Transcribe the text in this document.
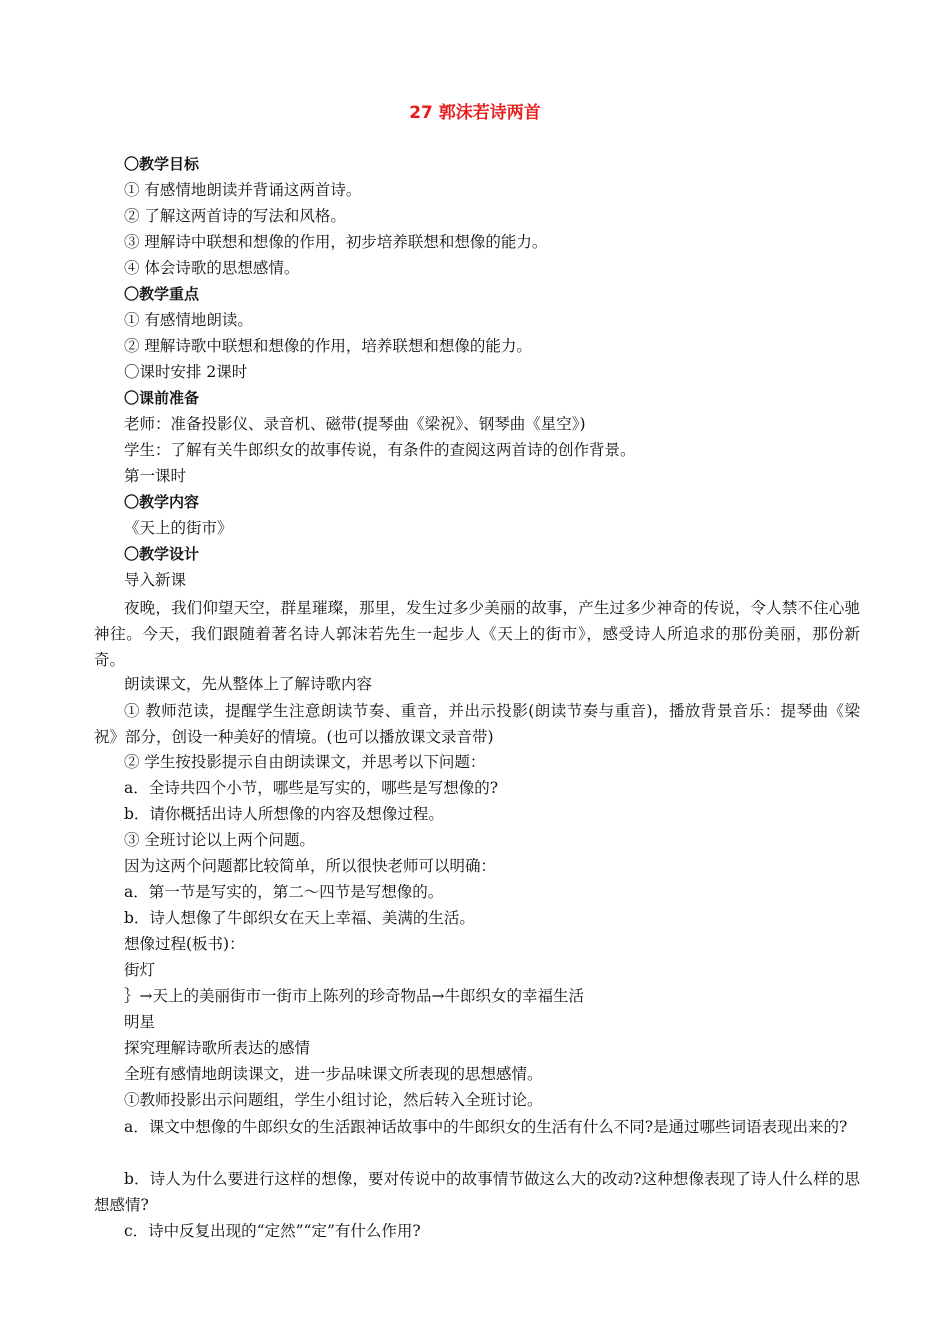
27 郭沫若诗两首
〇教学目标
① 有感情地朗读并背诵这两首诗。
② 了解这两首诗的写法和风格。
③ 理解诗中联想和想像的作用，初步培养联想和想像的能力。
④ 体会诗歌的思想感情。
〇教学重点
① 有感情地朗读。
② 理解诗歌中联想和想像的作用，培养联想和想像的能力。
〇课时安排 2课时
〇课前准备
老师：准备投影仪、录音机、磁带(提琴曲《梁祝》、钢琴曲《星空》)
学生：了解有关牛郎织女的故事传说，有条件的查阅这两首诗的创作背景。
第一课时
〇教学内容
《天上的街市》
〇教学设计
导入新课
夜晚，我们仰望天空，群星璀璨，那里，发生过多少美丽的故事，产生过多少神奇的传说，令人禁不住心驰神往。今天，我们跟随着著名诗人郭沫若先生一起步人《天上的街市》，感受诗人所追求的那份美丽，那份新奇。
朗读课文，先从整体上了解诗歌内容
① 教师范读，提醒学生注意朗读节奏、重音，并出示投影(朗读节奏与重音)，播放背景音乐：提琴曲《梁祝》部分，创设一种美好的情境。(也可以播放课文录音带)
② 学生按投影提示自由朗读课文，并思考以下问题：
a．全诗共四个小节，哪些是写实的，哪些是写想像的?
b．请你概括出诗人所想像的内容及想像过程。
③ 全班讨论以上两个问题。
因为这两个问题都比较简单，所以很快老师可以明确：
a．第一节是写实的，第二～四节是写想像的。
b．诗人想像了牛郎织女在天上幸福、美满的生活。
想像过程(板书)：
街灯
｝→天上的美丽街市一街市上陈列的珍奇物品→牛郎织女的幸福生活
明星
探究理解诗歌所表达的感情
全班有感情地朗读课文，进一步品味课文所表现的思想感情。
①教师投影出示问题组，学生小组讨论，然后转入全班讨论。
a．课文中想像的牛郎织女的生活跟神话故事中的牛郎织女的生活有什么不同?是通过哪些词语表现出来的?
b．诗人为什么要进行这样的想像，要对传说中的故事情节做这么大的改动?这种想像表现了诗人什么样的思想感情?
c．诗中反复出现的“定然”“定”有什么作用?
